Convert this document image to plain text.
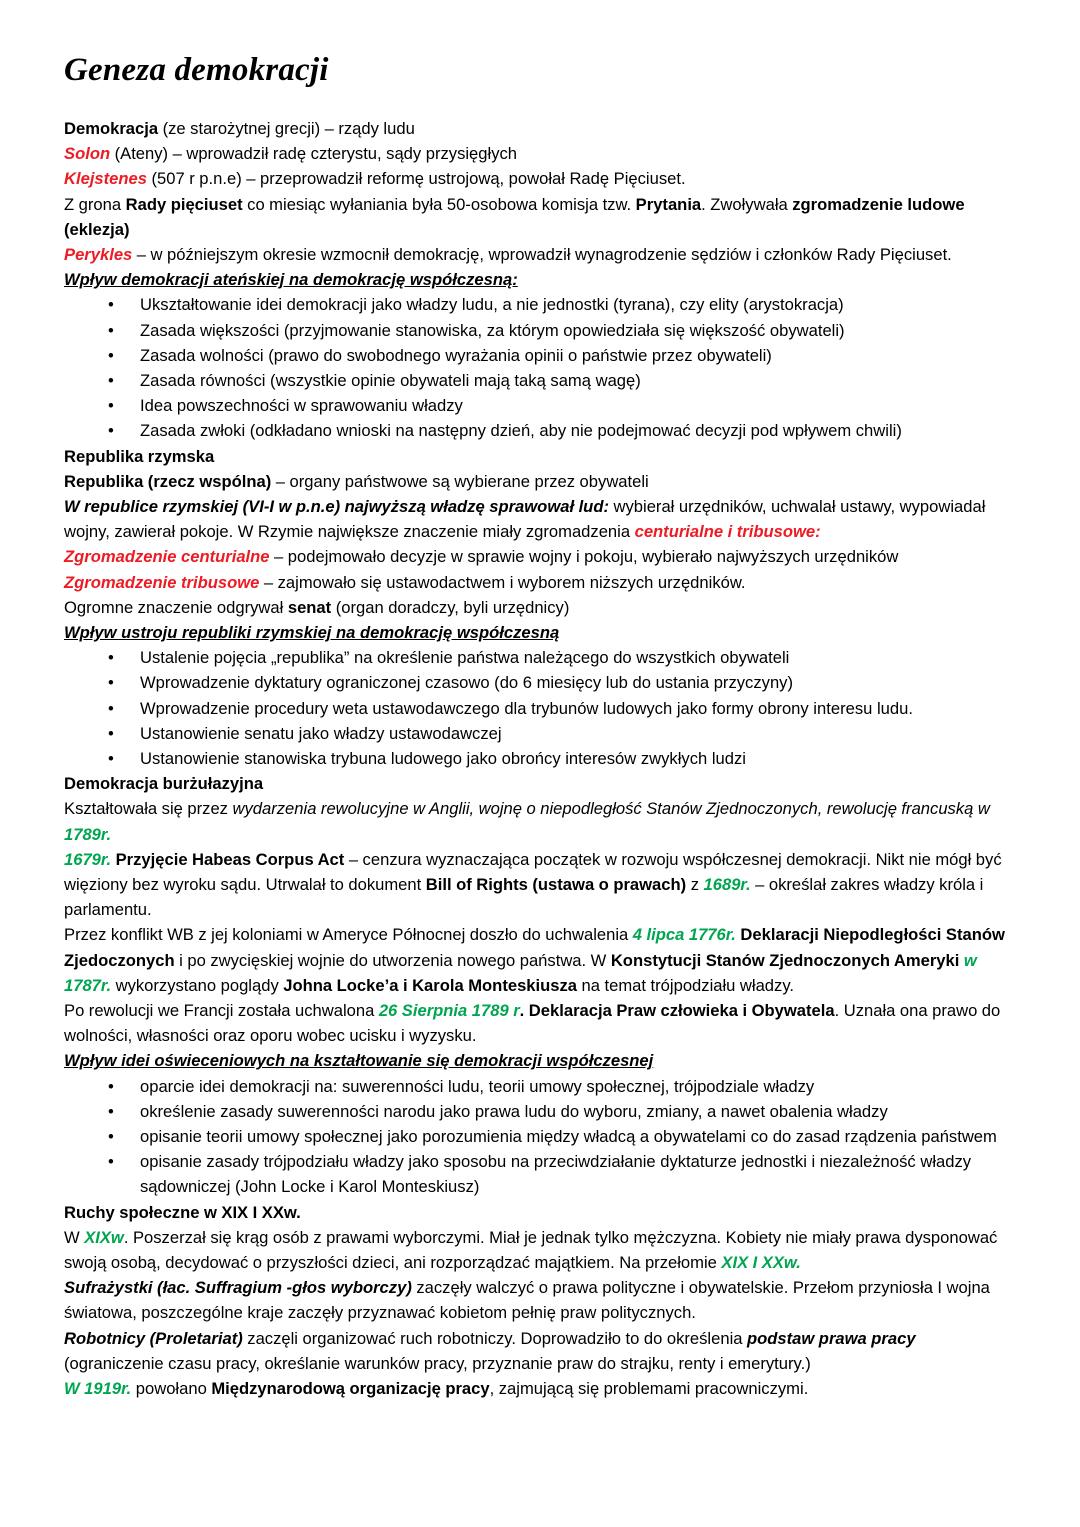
Geneza demokracji

Demokracja (ze starożytnej grecji) – rządy ludu

Solon (Ateny) – wprowadził radę czterystu, sądy przysięgłych

Klejstenes (507 r p.n.e) – przeprowadził reformę ustrojową, powołał Radę Pięciuset.

Z grona Rady pięciuset co miesiąc wyłaniania była 50-osobowa komisja tzw. Prytania. Zwoływała zgromadzenie ludowe (eklezja)

Perykles – w późniejszym okresie wzmocnił demokrację, wprowadził wynagrodzenie sędziów i członków Rady Pięciuset.

Wpływ demokracji ateńskiej na demokrację współczesną:

• Ukształtowanie idei demokracji jako władzy ludu, a nie jednostki (tyrana), czy elity (arystokracja)
• Zasada większości (przyjmowanie stanowiska, za którym opowiedziała się większość obywateli)
• Zasada wolności (prawo do swobodnego wyrażania opinii o państwie przez obywateli)
• Zasada równości (wszystkie opinie obywateli mają taką samą wagę)
• Idea powszechności w sprawowaniu władzy
• Zasada zwłoki (odkładano wnioski na następny dzień, aby nie podejmować decyzji pod wpływem chwili)

Republika rzymska

Republika (rzecz wspólna) – organy państwowe są wybierane przez obywateli

W republice rzymskiej (VI-I w p.n.e) najwyższą władzę sprawował lud: wybierał urzędników, uchwalał ustawy, wypowiadał wojny, zawierał pokoje. W Rzymie największe znaczenie miały zgromadzenia centurialne i tribusowe:

Zgromadzenie centurialne – podejmowało decyzje w sprawie wojny i pokoju, wybierało najwyższych urzędników

Zgromadzenie tribusowe – zajmowało się ustawodactwem i wyborem niższych urzędników.

Ogromne znaczenie odgrywał senat (organ doradczy, byli urzędnicy)

Wpływ ustroju republiki rzymskiej na demokrację współczesną

• Ustalenie pojęcia „republika” na określenie państwa należącego do wszystkich obywateli
• Wprowadzenie dyktatury ograniczonej czasowo (do 6 miesięcy lub do ustania przyczyny)
• Wprowadzenie procedury weta ustawodawczego dla trybunów ludowych jako formy obrony interesu ludu.
• Ustanowienie senatu jako władzy ustawodawczej
• Ustanowienie stanowiska trybuna ludowego jako obrońcy interesów zwykłych ludzi

Demokracja burżułazyjna

Kształtowała się przez wydarzenia rewolucyjne w Anglii, wojnę o niepodległość Stanów Zjednoczonych, rewolucję francuską w 1789r.

1679r. Przyjęcie Habeas Corpus Act – cenzura wyznaczająca początek w rozwoju współczesnej demokracji. Nikt nie mógł być więziony bez wyroku sądu. Utrwalał to dokument Bill of Rights (ustawa o prawach) z 1689r. – określał zakres władzy króla i parlamentu.

Przez konflikt WB z jej koloniami w Ameryce Północnej doszło do uchwalenia 4 lipca 1776r. Deklaracji Niepodległości Stanów Zjedoczonych i po zwycięskiej wojnie do utworzenia nowego państwa. W Konstytucji Stanów Zjednoczonych Ameryki w 1787r. wykorzystano poglądy Johna Locke’a i Karola Monteskiusza na temat trójpodziału władzy.

Po rewolucji we Francji została uchwalona 26 Sierpnia 1789 r. Deklaracja Praw człowieka i Obywatela. Uznała ona prawo do wolności, własności oraz oporu wobec ucisku i wyzysku.

Wpływ idei oświeceniowych na kształtowanie się demokracji współczesnej

• oparcie idei demokracji na: suwerenności ludu, teorii umowy społecznej, trójpodziale władzy
• określenie zasady suwerenności narodu jako prawa ludu do wyboru, zmiany, a nawet obalenia władzy
• opisanie teorii umowy społecznej jako porozumienia między władcą a obywatelami co do zasad rządzenia państwem
• opisanie zasady trójpodziału władzy jako sposobu na przeciwdziałanie dyktaturze jednostki i niezależność władzy sądowniczej (John Locke i Karol Monteskiusz)

Ruchy społeczne w XIX I XXw.

W XIXw. Poszerzał się krąg osób z prawami wyborczymi. Miał je jednak tylko mężczyzna. Kobiety nie miały prawa dysponować swoją osobą, decydować o przyszłości dzieci, ani rozporządzać majątkiem. Na przełomie XIX I XXw.

Sufrażystki (łac. Suffragium -głos wyborczy) zaczęły walczyć o prawa polityczne i obywatelskie. Przełom przyniosła I wojna światowa, poszczególne kraje zaczęły przyznawać kobietom pełnię praw politycznych.

Robotnicy (Proletariat) zaczęli organizować ruch robotniczy. Doprowadziło to do określenia podstaw prawa pracy (ograniczenie czasu pracy, określanie warunków pracy, przyznanie praw do strajku, renty i emerytury.)

W 1919r. powołano Międzynarodową organizację pracy, zajmującą się problemami pracowniczymi.
